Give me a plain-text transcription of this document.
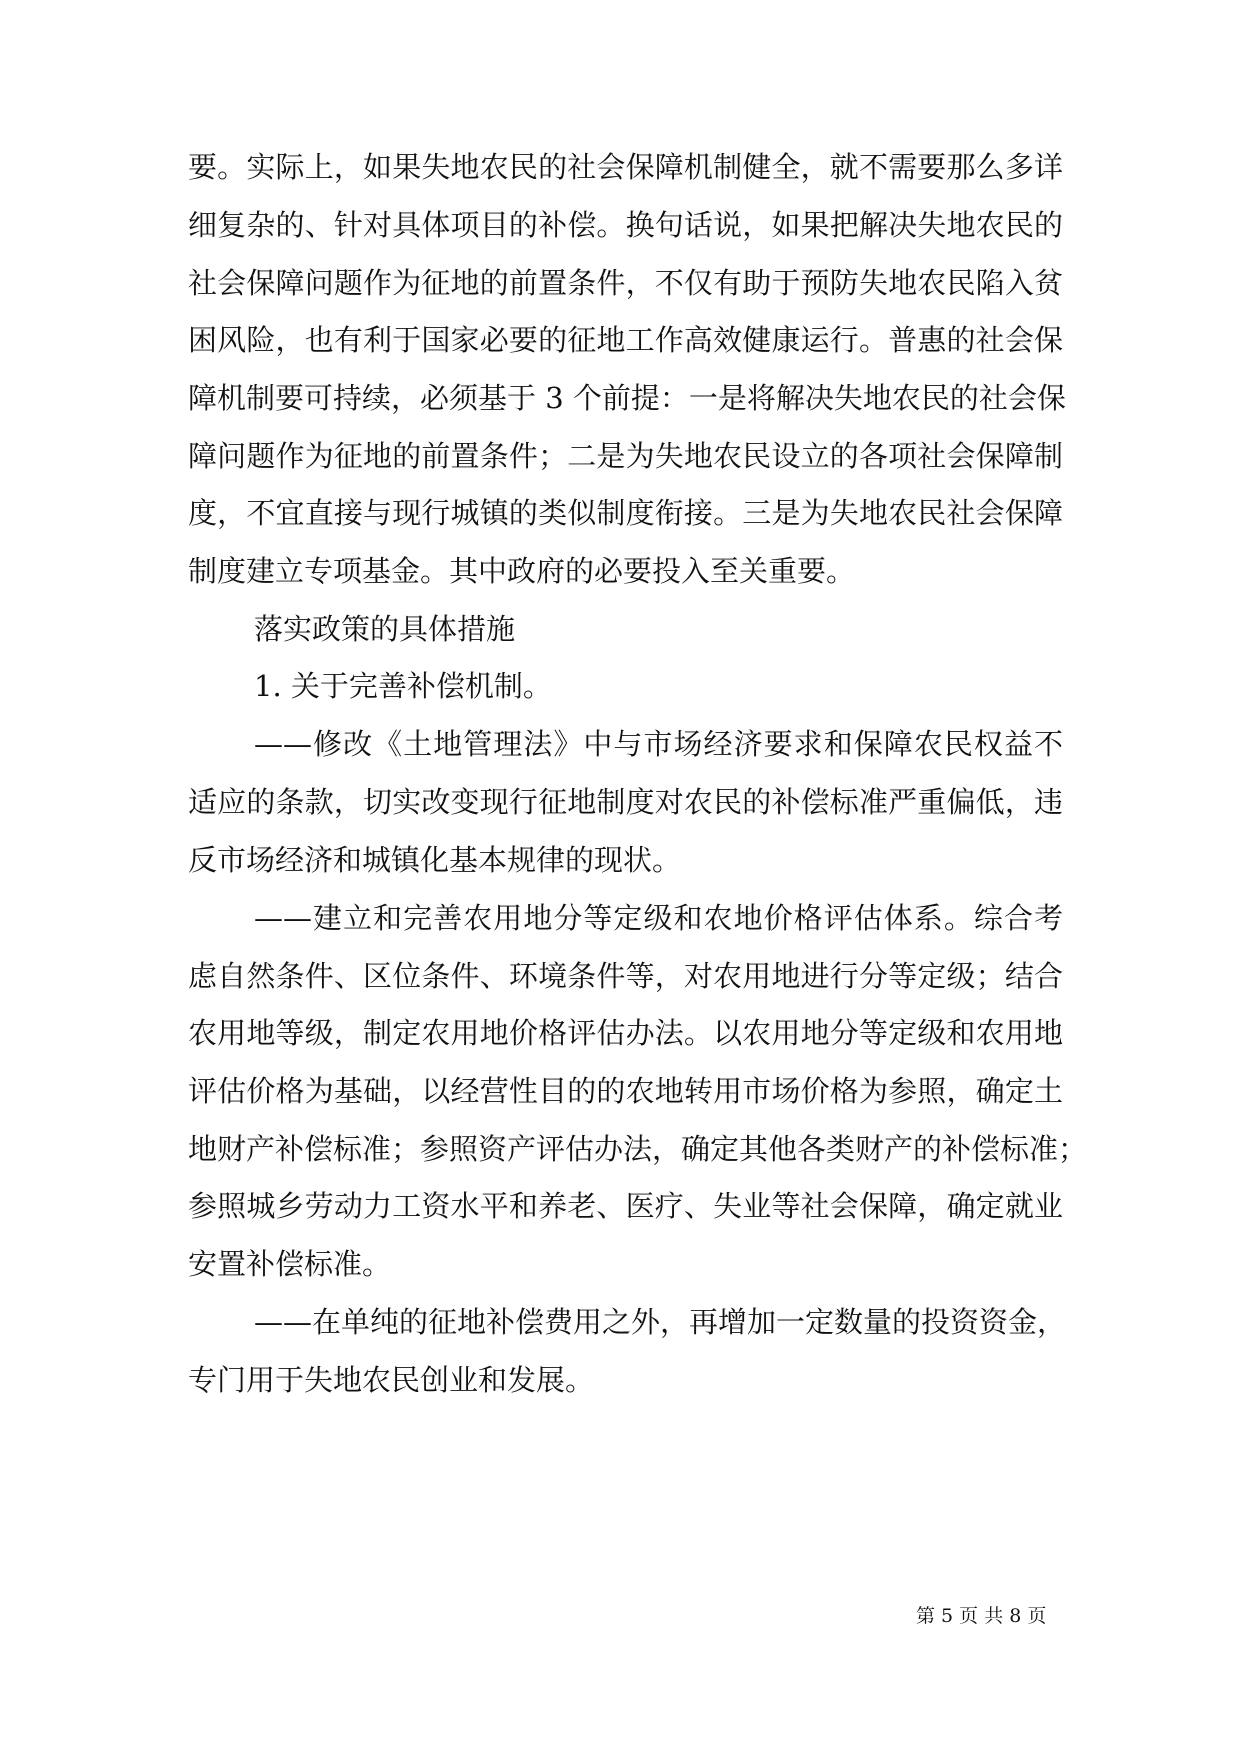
要。实际上，如果失地农民的社会保障机制健全，就不需要那么多详
细复杂的、针对具体项目的补偿。换句话说，如果把解决失地农民的
社会保障问题作为征地的前置条件，不仅有助于预防失地农民陷入贫
困风险，也有利于国家必要的征地工作高效健康运行。普惠的社会保
障机制要可持续，必须基于 3 个前提：一是将解决失地农民的社会保
障问题作为征地的前置条件；二是为失地农民设立的各项社会保障制
度，不宜直接与现行城镇的类似制度衔接。三是为失地农民社会保障
制度建立专项基金。其中政府的必要投入至关重要。
落实政策的具体措施
1. 关于完善补偿机制。
——修改《土地管理法》中与市场经济要求和保障农民权益不
适应的条款，切实改变现行征地制度对农民的补偿标准严重偏低，违
反市场经济和城镇化基本规律的现状。
——建立和完善农用地分等定级和农地价格评估体系。综合考
虑自然条件、区位条件、环境条件等，对农用地进行分等定级；结合
农用地等级，制定农用地价格评估办法。以农用地分等定级和农用地
评估价格为基础，以经营性目的的农地转用市场价格为参照，确定土
地财产补偿标准；参照资产评估办法，确定其他各类财产的补偿标准；
参照城乡劳动力工资水平和养老、医疗、失业等社会保障，确定就业
安置补偿标准。
——在单纯的征地补偿费用之外，再增加一定数量的投资资金，
专门用于失地农民创业和发展。
第 5 页 共 8 页
